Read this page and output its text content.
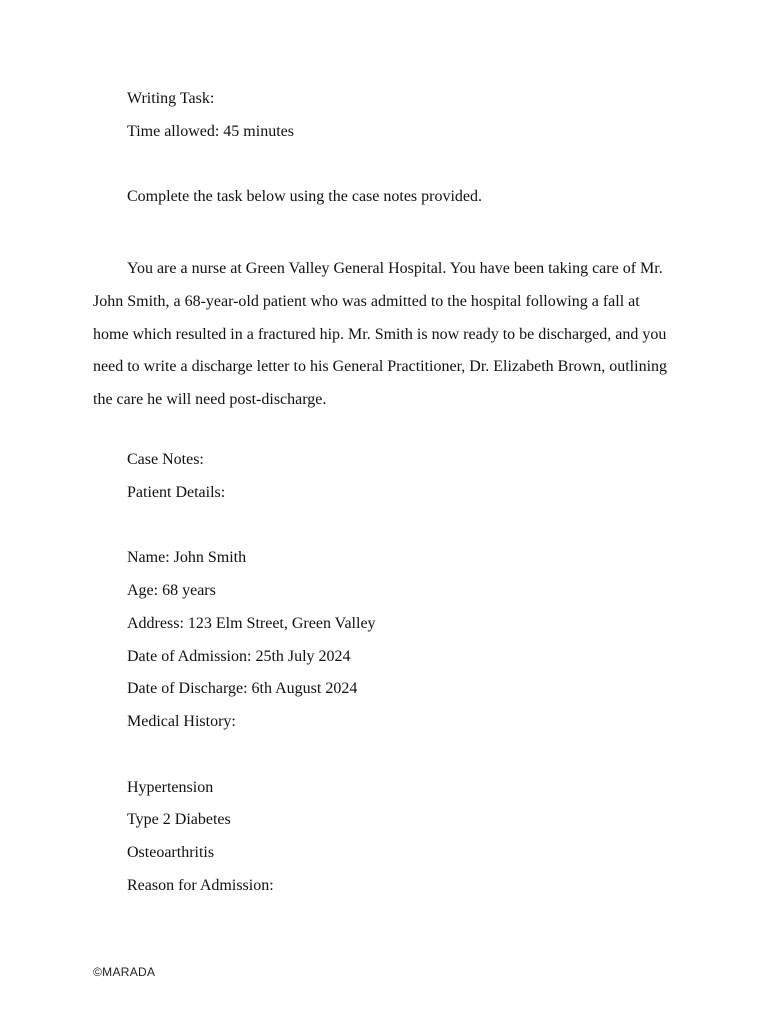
Writing Task:
Time allowed: 45 minutes
Complete the task below using the case notes provided.

You are a nurse at Green Valley General Hospital. You have been taking care of Mr. John Smith, a 68-year-old patient who was admitted to the hospital following a fall at home which resulted in a fractured hip. Mr. Smith is now ready to be discharged, and you need to write a discharge letter to his General Practitioner, Dr. Elizabeth Brown, outlining the care he will need post-discharge.

Case Notes:
Patient Details:
Name: John Smith
Age: 68 years
Address: 123 Elm Street, Green Valley
Date of Admission: 25th July 2024
Date of Discharge: 6th August 2024
Medical History:
Hypertension
Type 2 Diabetes
Osteoarthritis
Reason for Admission:
©MARADA
